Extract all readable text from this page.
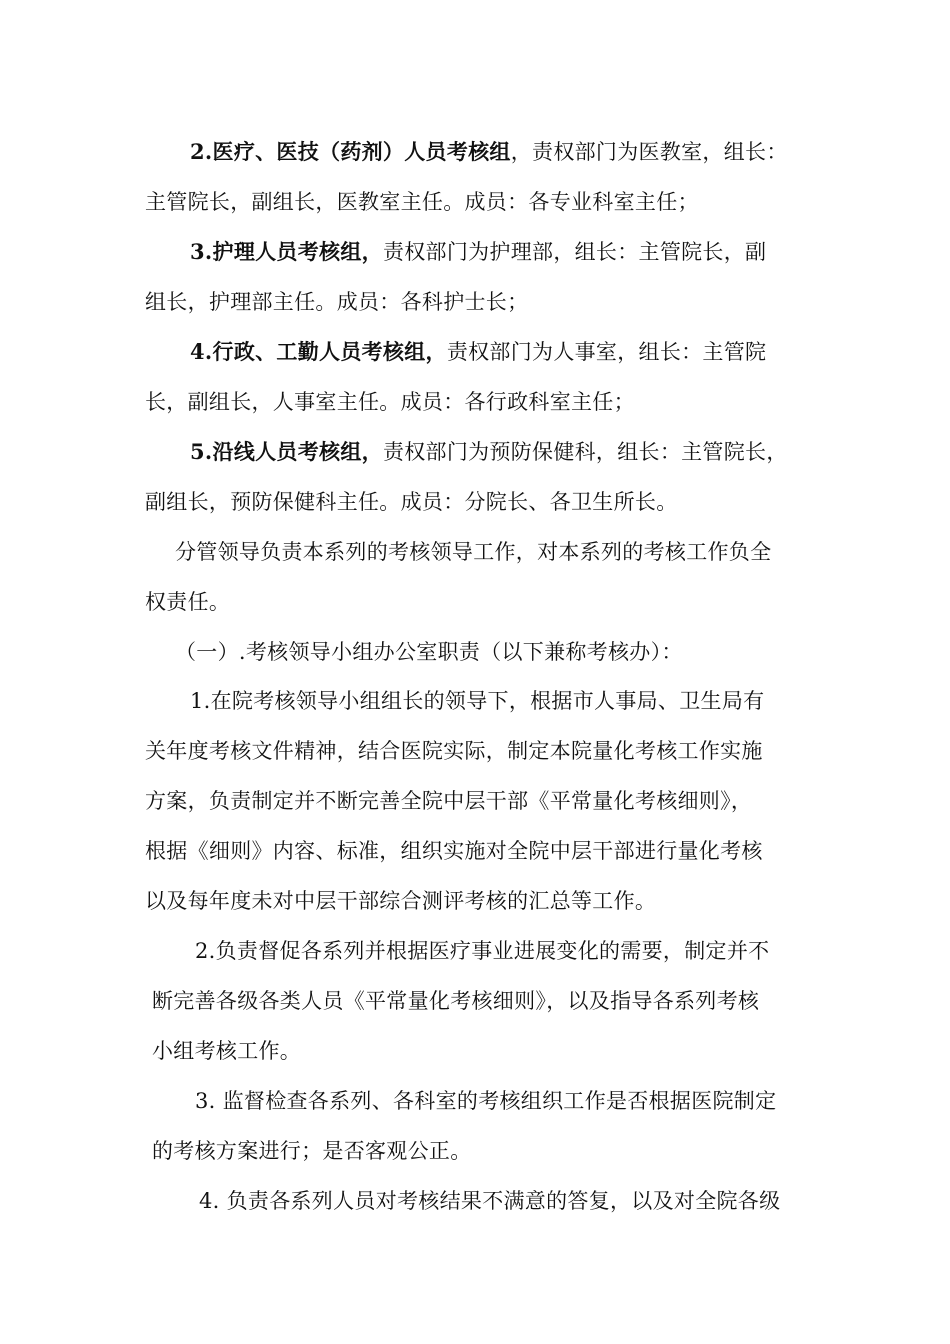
2.医疗、医技（药剂）人员考核组，责权部门为医教室，组长：
主管院长，副组长，医教室主任。成员：各专业科室主任；
3.护理人员考核组，责权部门为护理部，组长：主管院长，副
组长，护理部主任。成员：各科护士长；
4.行政、工勤人员考核组，责权部门为人事室，组长：主管院
长，副组长，人事室主任。成员：各行政科室主任；
5.沿线人员考核组，责权部门为预防保健科，组长：主管院长，
副组长，预防保健科主任。成员：分院长、各卫生所长。
分管领导负责本系列的考核领导工作，对本系列的考核工作负全
权责任。
（一）.考核领导小组办公室职责（以下兼称考核办）：
1.在院考核领导小组组长的领导下，根据市人事局、卫生局有
关年度考核文件精神，结合医院实际，制定本院量化考核工作实施
方案，负责制定并不断完善全院中层干部《平常量化考核细则》，
根据《细则》内容、标准，组织实施对全院中层干部进行量化考核
以及每年度未对中层干部综合测评考核的汇总等工作。
2.负责督促各系列并根据医疗事业进展变化的需要，制定并不
断完善各级各类人员《平常量化考核细则》，以及指导各系列考核
小组考核工作。
3. 监督检查各系列、各科室的考核组织工作是否根据医院制定
的考核方案进行；是否客观公正。
4. 负责各系列人员对考核结果不满意的答复，以及对全院各级
